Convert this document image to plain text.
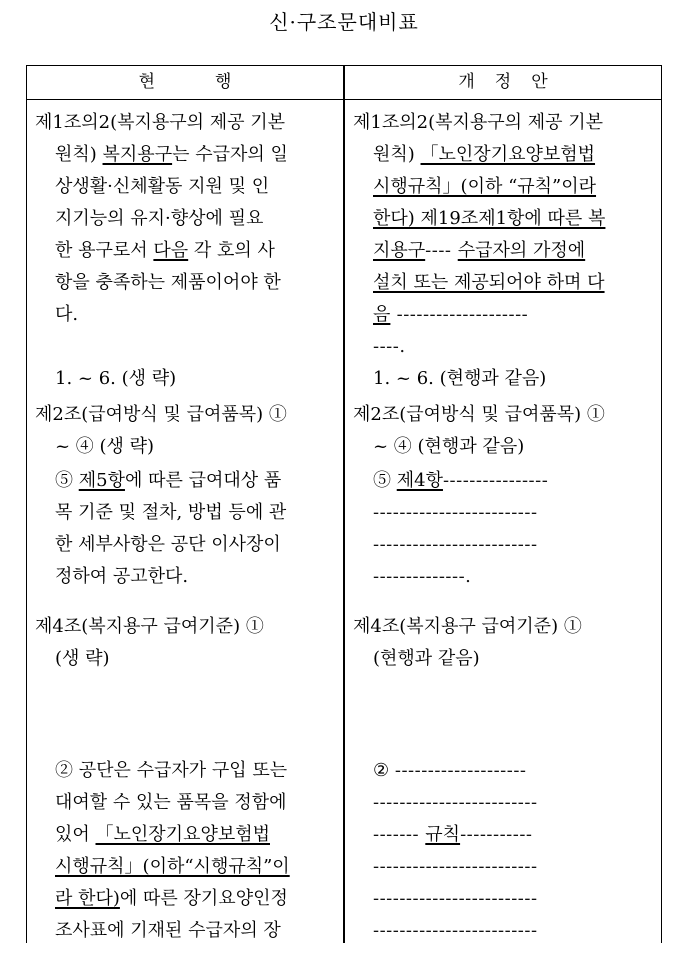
신·구조문대비표
현행	개정안
제1조의2(복지용구의 제공 기본
원칙) 복지용구는 수급자의 일
상생활·신체활동 지원 및 인
지기능의 유지·향상에 필요
한 용구로서 다음 각 호의 사
항을 충족하는 제품이어야 한
다.
1. ~ 6. (생 략)
제2조(급여방식 및 급여품목) ①
~ ④ (생 략)
⑤ 제5항에 따른 급여대상 품
목 기준 및 절차, 방법 등에 관
한 세부사항은 공단 이사장이
정하여 공고한다.
제4조(복지용구 급여기준) ①
(생 략)
② 공단은 수급자가 구입 또는
대여할 수 있는 품목을 정함에
있어 「노인장기요양보험법
시행규칙」(이하“시행규칙”이
라 한다)에 따른 장기요양인정
조사표에 기재된 수급자의 장
제1조의2(복지용구의 제공 기본
원칙) 「노인장기요양보험법
시행규칙」(이하 “규칙”이라
한다) 제19조제1항에 따른 복
지용구---- 수급자의 가정에
설치 또는 제공되어야 하며 다
음 --------------------
----.
1. ~ 6. (현행과 같음)
제2조(급여방식 및 급여품목) ①
~ ④ (현행과 같음)
⑤ 제4항----------------
-------------------------
-------------------------
--------------.
제4조(복지용구 급여기준) ①
(현행과 같음)
② --------------------
-------------------------
------- 규칙-----------
-------------------------
-------------------------
-------------------------
